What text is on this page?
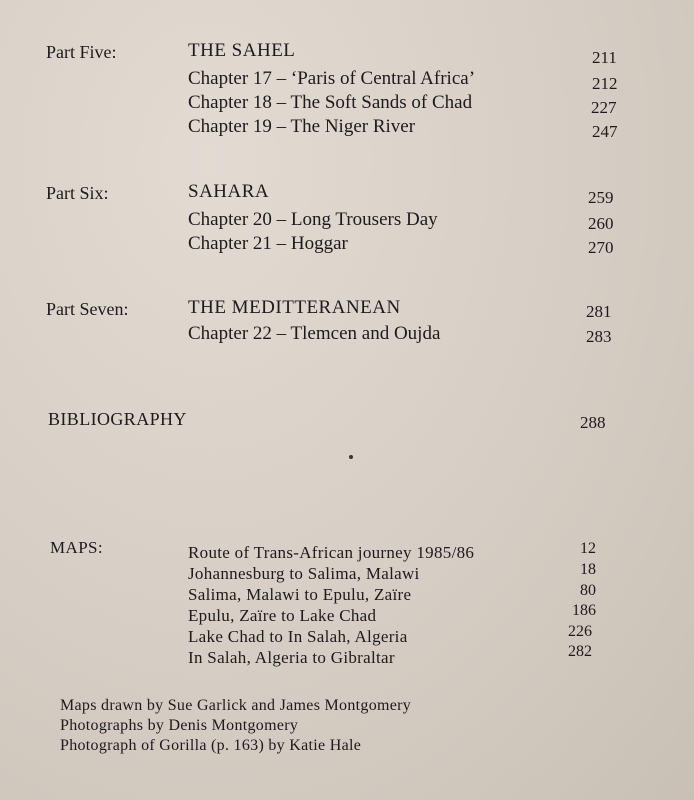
Part Five:	THE SAHEL	211
Chapter 17 – ‘Paris of Central Africa’	212
Chapter 18 – The Soft Sands of Chad	227
Chapter 19 – The Niger River	247
Part Six:	SAHARA	259
Chapter 20 – Long Trousers Day	260
Chapter 21 – Hoggar	270
Part Seven:	THE MEDITTERANEAN	281
Chapter 22 – Tlemcen and Oujda	283
BIBLIOGRAPHY	288
MAPS:	Route of Trans-African journey 1985/86	12
Johannesburg to Salima, Malawi	18
Salima, Malawi to Epulu, Zaïre	80
Epulu, Zaïre to Lake Chad	186
Lake Chad to In Salah, Algeria	226
In Salah, Algeria to Gibraltar	282
Maps drawn by Sue Garlick and James Montgomery
Photographs by Denis Montgomery
Photograph of Gorilla (p. 163) by Katie Hale
